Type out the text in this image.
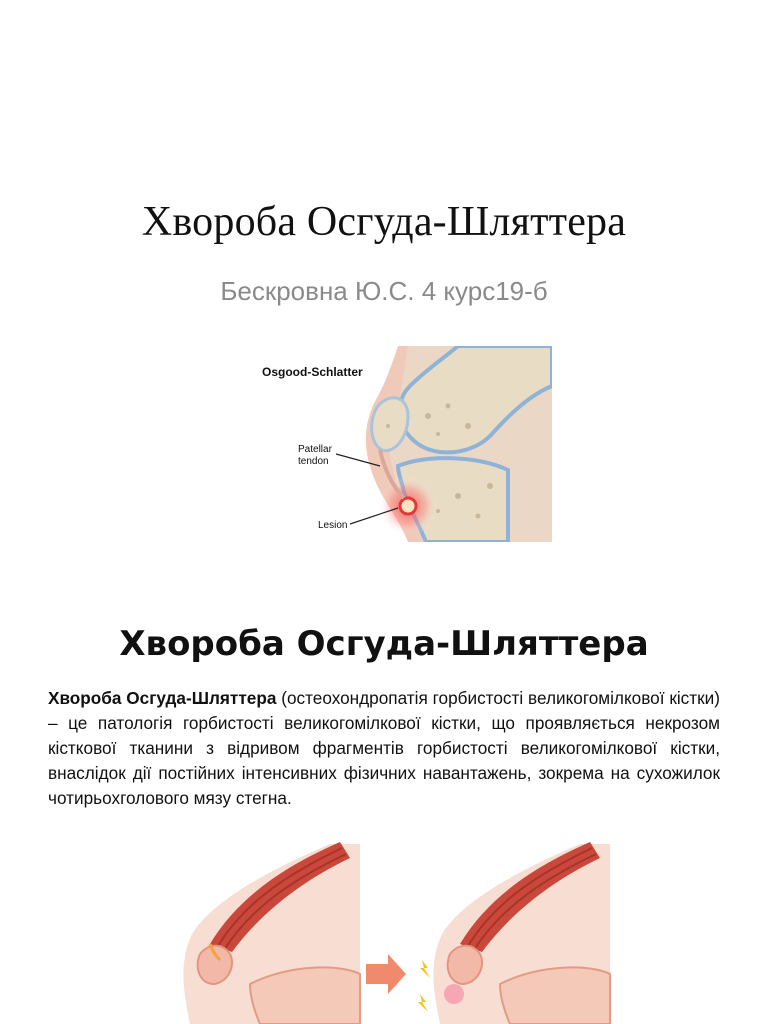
Хвороба Осгуда-Шляттера
Бескровна Ю.С. 4 курс19-б
Osgood-Schlatter
Patellar
tendon
Lesion
Хвороба Осгуда-Шляттера
Хвороба Осгуда-Шляттера (остеохондропатія горбистості великогомілкової кістки) – це патологія горбистості великогомілкової кістки, що проявляється некрозом кісткової тканини з відривом фрагментів горбистості великогомілкової кістки, внаслідок дії постійних інтенсивних фізичних навантажень, зокрема на сухожилок чотирьохголового мязу стегна.
